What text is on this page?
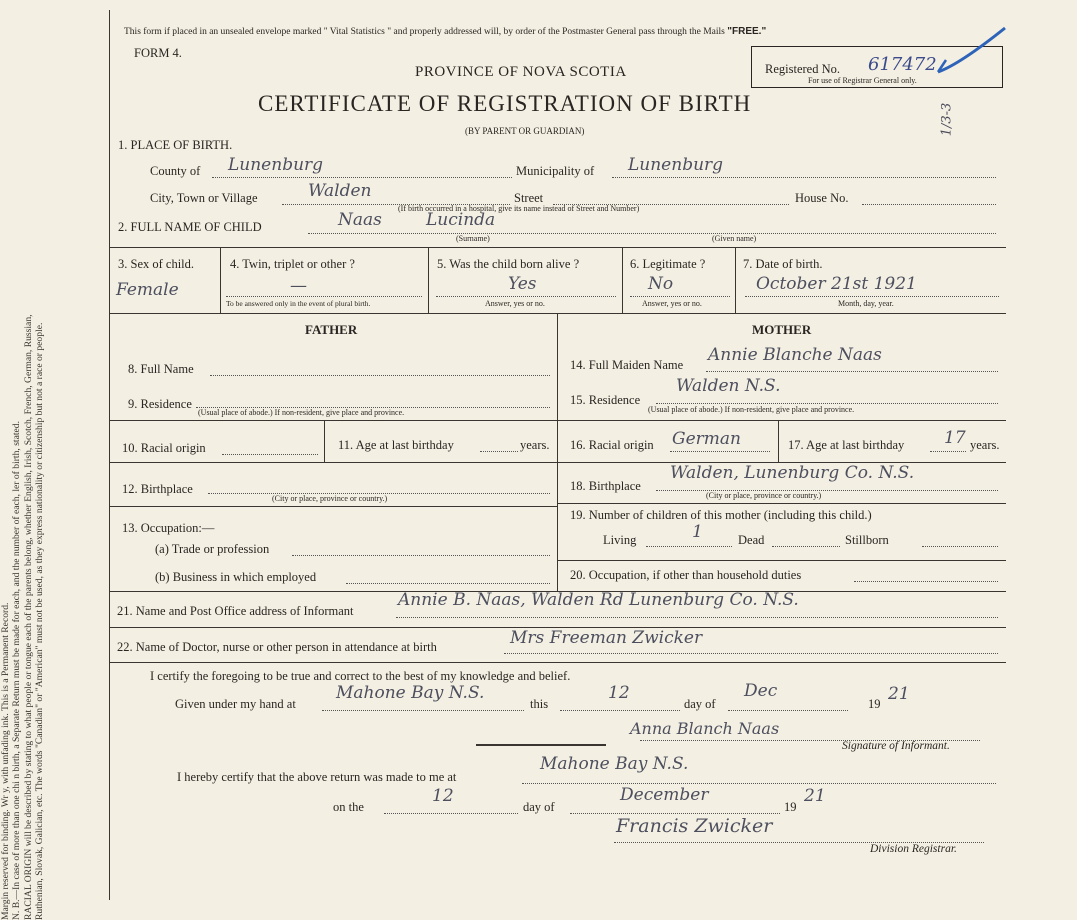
Margin reserved for binding. Wr y, with unfading ink. This is a Permanent Record. N. B.—In case of more than one chi n birth, a Separate Return must be made for each, and the number of each, ler of birth, stated. RACIAL ORIGIN will be described by stating to what people or tongue each of the parents belong, whether English, Irish, Scotch, French, German, Russian, Ruthenian, Slovak, Galician, etc. The words "Canadian" or "American" must not be used, as they express nationality or citizenship but not a race or people.
This form if placed in an unsealed envelope marked " Vital Statistics " and properly addressed will, by order of the Postmaster General pass through the Mails "FREE."
FORM 4.
PROVINCE OF NOVA SCOTIA
CERTIFICATE OF REGISTRATION OF BIRTH
(BY PARENT OR GUARDIAN)
Registered No. 617472
For use of Registrar General only.
1/3-3
1. PLACE OF BIRTH.
County of Lunenburg	Municipality of Lunenburg
City, Town or Village	Walden	Street	House No.
(If birth occurred in a hospital, give its name instead of Street and Number)
2. FULL NAME OF CHILD	Naas	Lucinda
(Surname)	(Given name)
3. Sex of child.
Female
4. Twin, triplet or other ?
—
To be answered only in the event of plural birth.
5. Was the child born alive ?
Yes
Answer, yes or no.
6. Legitimate ?
No
Answer, yes or no.
7. Date of birth.
October 21st 1921
Month, day, year.
FATHER
8. Full Name
9. Residence
(Usual place of abode.) If non-resident, give place and province.
10. Racial origin	11. Age at last birthday	years.
12. Birthplace
(City or place, province or country.)
13. Occupation:—
(a) Trade or profession
(b) Business in which employed
MOTHER
14. Full Maiden Name Annie Blanche Naas
15. Residence
Walden N.S.
(Usual place of abode.) If non-resident, give place and province.
16. Racial origin German	17. Age at last birthday 17 years.
18. Birthplace
Walden, Lunenburg Co. N.S.
(City or place, province or country.)
19. Number of children of this mother (including this child.)
Living	1	Dead	Stillborn
20. Occupation, if other than household duties
21. Name and Post Office address of Informant
Annie B. Naas, Walden Rd Lunenburg Co. N.S.
22. Name of Doctor, nurse or other person in attendance at birth	Mrs Freeman Zwicker
I certify the foregoing to be true and correct to the best of my knowledge and belief.
Given under my hand at
Mahone Bay N.S.
this
12
day of
Dec
19 21
Anna Blanch Naas
Signature of Informant.
I hereby certify that the above return was made to me at
Mahone Bay N.S.
on the
12
day of
December
19
21
Francis Zwicker
Division Registrar.
